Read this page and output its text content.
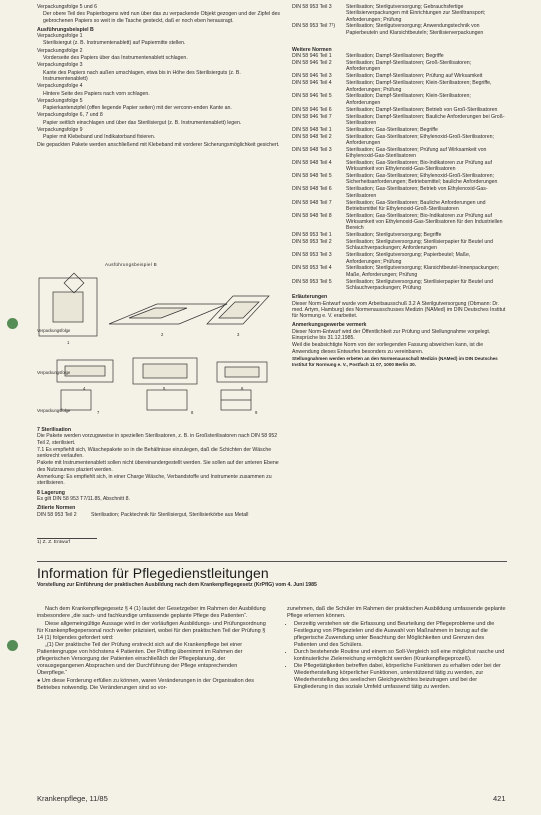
Verpackungsfolge 5 und 6

Der obere Teil des Papierbogens wird nun über das zu verpackende Objekt gezogen und der Zipfel des gebrochenen Papiers so weit in die Tasche gesteckt, daß er noch eben herausragt.

Ausführungsbeispiel B

Verpackungsfolge 1

Sterilisiergut (z. B. Instrumentenablett) auf Papiermitte stellen.

Verpackungsfolge 2

Vorderseite des Papiers über das Instrumentenablett schlagen.

Verpackungsfolge 3

Kante des Papiers nach außen umschlagen, etwa bis in Höhe des Sterilisierguts (z. B. Instrumentenablett)

Verpackungsfolge 4

Hintere Seite des Papiers nach vorn schlagen.

Verpackungsfolge 5

Papierkantenzipfel (offen liegende Papier seiten) mit der verconn-enden Kante an.

Verpackungsfolge 6, 7 und 8

Papier seitlich einschlagen und über das Sterilisiergut (z. B. Instrumentenablett) legen.

Verpackungsfolge 9

Papier mit Klebeband und Indikatorband fixieren.

Die gepackten Pakete werden anschließend mit Klebeband mit vorderer Sicherungsmöglichkeit gesichert.

Ausführungsbeispiel B
Verpackungsfolge
Verpackungsfolge
Verpackungsfolge
1
2	3
4	5	6
7	8	9

7 Sterilisation

Die Pakete werden vorzugsweise in speziellen Sterilisatoren, z. B. in Großsterilisatoren nach DIN 58 952 Teil 2, sterilisiert.

7.1 Es empfiehlt sich, Wäschepakete so in die Behältnisse einzulegen, daß die Schichten der Wäsche senkrecht verlaufen.

Pakete mit Instrumentenablett sollen nicht übereinandergestellt werden. Sie sollen auf der unteren Ebene des Nutzraumes plaziert werden.

Anmerkung: Es empfiehlt sich, in einer Charge Wäsche, Verbandstoffe und Instrumente zusammen zu sterilisieren.

8 Lagerung

Es gilt DIN 58 953 T7/11.85, Abschnitt 8.

Zitierte Normen

DIN 58 953 Teil 2	Sterilisation; Packtechnik für Sterilisiergut, Sterilisierkörbe aus Metall
1) Z. Z. Entwurf
DIN 58 953 Teil 3	Sterilisation; Sterilgutversorgung; Gebrauchsfertige Sterilisierverpackungen mit Einrichtungen zur Steriltransport; Anforderungen; Prüfung
DIN 58 953 Teil 7¹)	Sterilisation; Sterilgutversorgung; Anwendungstechnik von Papierbeuteln und Klarsichtbeuteln; Sterilisierverpackungen

Weitere Normen

DIN 58 946 Teil 1	Sterilisation; Dampf-Sterilisatoren; Begriffe
DIN 58 946 Teil 2	Sterilisation; Dampf-Sterilisatoren; Groß-Sterilisatoren; Anforderungen
DIN 58 946 Teil 3	Sterilisation; Dampf-Sterilisatoren; Prüfung auf Wirksamkeit
DIN 58 946 Teil 4	Sterilisation; Dampf-Sterilisatoren; Klein-Sterilisatoren; Begriffe, Anforderungen; Prüfung
DIN 58 946 Teil 5	Sterilisation; Dampf-Sterilisatoren; Klein-Sterilisatoren; Anforderungen
DIN 58 946 Teil 6	Sterilisation; Dampf-Sterilisatoren; Betrieb von Groß-Sterilisatoren
DIN 58 946 Teil 7	Sterilisation; Dampf-Sterilisatoren; Bauliche Anforderungen bei Groß-Sterilisatoren
DIN 58 948 Teil 1	Sterilisation; Gas-Sterilisatoren; Begriffe
DIN 58 948 Teil 2	Sterilisation; Gas-Sterilisatoren; Ethylenoxid-Groß-Sterilisatoren; Anforderungen
DIN 58 948 Teil 3	Sterilisation; Gas-Sterilisatoren; Prüfung auf Wirksamkeit von Ethylenoxid-Gas-Sterilisatoren
DIN 58 948 Teil 4	Sterilisation; Gas-Sterilisatoren; Bio-Indikatoren zur Prüfung auf Wirksamkeit von Ethylenoxid-Gas-Sterilisatoren
DIN 58 948 Teil 5	Sterilisation; Gas-Sterilisatoren; Ethylenoxid-Groß-Sterilisatoren; Sicherheitsanforderungen; Betriebsmittel; bauliche Anforderungen
DIN 58 948 Teil 6	Sterilisation; Gas-Sterilisatoren; Betrieb von Ethylenoxid-Gas-Sterilisatoren
DIN 58 948 Teil 7	Sterilisation; Gas-Sterilisatoren; Bauliche Anforderungen und Betriebsmittel für Ethylenoxid-Groß-Sterilisatoren
DIN 58 948 Teil 8	Sterilisation; Gas-Sterilisatoren; Bio-Indikatoren zur Prüfung auf Wirksamkeit von Ethylenoxid-Gas-Sterilisatoren für den Industriellen Bereich
DIN 58 953 Teil 1	Sterilisation; Sterilgutversorgung; Begriffe
DIN 58 953 Teil 2	Sterilisation; Sterilgutversorgung; Sterilisierpapier für Beutel und Schlauchverpackungen; Anforderungen
DIN 58 953 Teil 3	Sterilisation; Sterilgutversorgung; Papierbeutel; Maße, Anforderungen; Prüfung
DIN 58 953 Teil 4	Sterilisation; Sterilgutversorgung; Klarsichtbeutel-Innenpackungen; Maße, Anforderungen; Prüfung
DIN 58 953 Teil 5	Sterilisation; Sterilgutversorgung; Sterilisierpapier für Beutel und Schlauchverpackungen; Prüfung

Erläuterungen

Dieser Norm-Entwurf wurde vom Arbeitsausschuß 3.2 A Sterilgutversorgung (Obmann: Dr. med. Artym, Hamburg) des Normenausschusses Medizin (NAMed) im DIN Deutsches Institut für Normung e. V. erarbeitet.

Anmerkungsgewerbe vermerk

Dieser Norm-Entwurf wird der Öffentlichkeit zur Prüfung und Stellungnahme vorgelegt. Einsprüche bis 31.12.1985.

Weil die beabsichtigte Norm von der vorliegenden Fassung abweichen kann, ist die Anwendung dieses Entwurfes besonders zu vereinbaren.

Stellungnahmen werden erbeten an den Normenausschuß Medizin (NAMed) im DIN Deutsches Institut für Normung e. V., Postfach 11 07, 1000 Berlin 30.

Information für Pflegedienstleitungen
Vorstellung zur Einführung der praktischen Ausbildung nach dem Krankenpflegegesetz (KrPflG) vom 4. Juni 1985

Nach dem Krankenpflegegesetz § 4 (1) lautet der Gesetzgeber im Rahmen der Ausbildung insbesondere „die sach- und fachkundige umfassende geplante Pflege des Patienten“.

Diese allgemeingültige Aussage wird in der vorläufigen Ausbildungs- und Prüfungsordnung für Krankenpflegepersonal noch weiter präzisiert, wobei für den praktischen Teil der Prüfung § 14 (1) folgendes gefordert wird:

„(1) Der praktische Teil der Prüfung erstreckt sich auf die Krankenpflege bei einer Patientengruppe von höchstens 4 Patienten. Der Prüfling übernimmt im Rahmen der pflegerischen Versorgung der Patienten einschließlich der Pflegeplanung, der vorausgegangenen Absprachen und der Durchführung der Pflege entsprechenden Überpflege.“

● Um diese Forderung erfüllen zu können, waren Veränderungen in der Organisation des Betriebes notwendig. Die Veränderungen sind so vor-

zunehmen, daß die Schüler im Rahmen der praktischen Ausbildung umfassende geplante Pflege erlernen können.

• Derzeitig verstehen wir die Erfassung und Beurteilung der Pflegeprobleme und die Festlegung von Pflegezielen und die Auswahl von Maßnahmen in bezug auf die pflegerische Zuwendung unter Beachtung der Möglichkeiten und Grenzen des Patienten und des Schülers.
• Durch bestehende Routine und einem so Soll-Vergleich soll eine möglichst rasche und kontinuierliche Zielerreichung ermöglicht werden (Krankenpflegeprozeß).
• Die Pflegetätigkeiten betreffen dabei, körperliche Funktionen zu erhalten oder bei der Wiederherstellung körperlicher Funktionen, unterstützend tätig zu werden, zur Wiederherstellung des seelischen Gleichgewichtes beizutragen und bei der Eingliederung in das soziale Umfeld umfassend tätig zu werden.
Krankenpflege, 11/85	421
